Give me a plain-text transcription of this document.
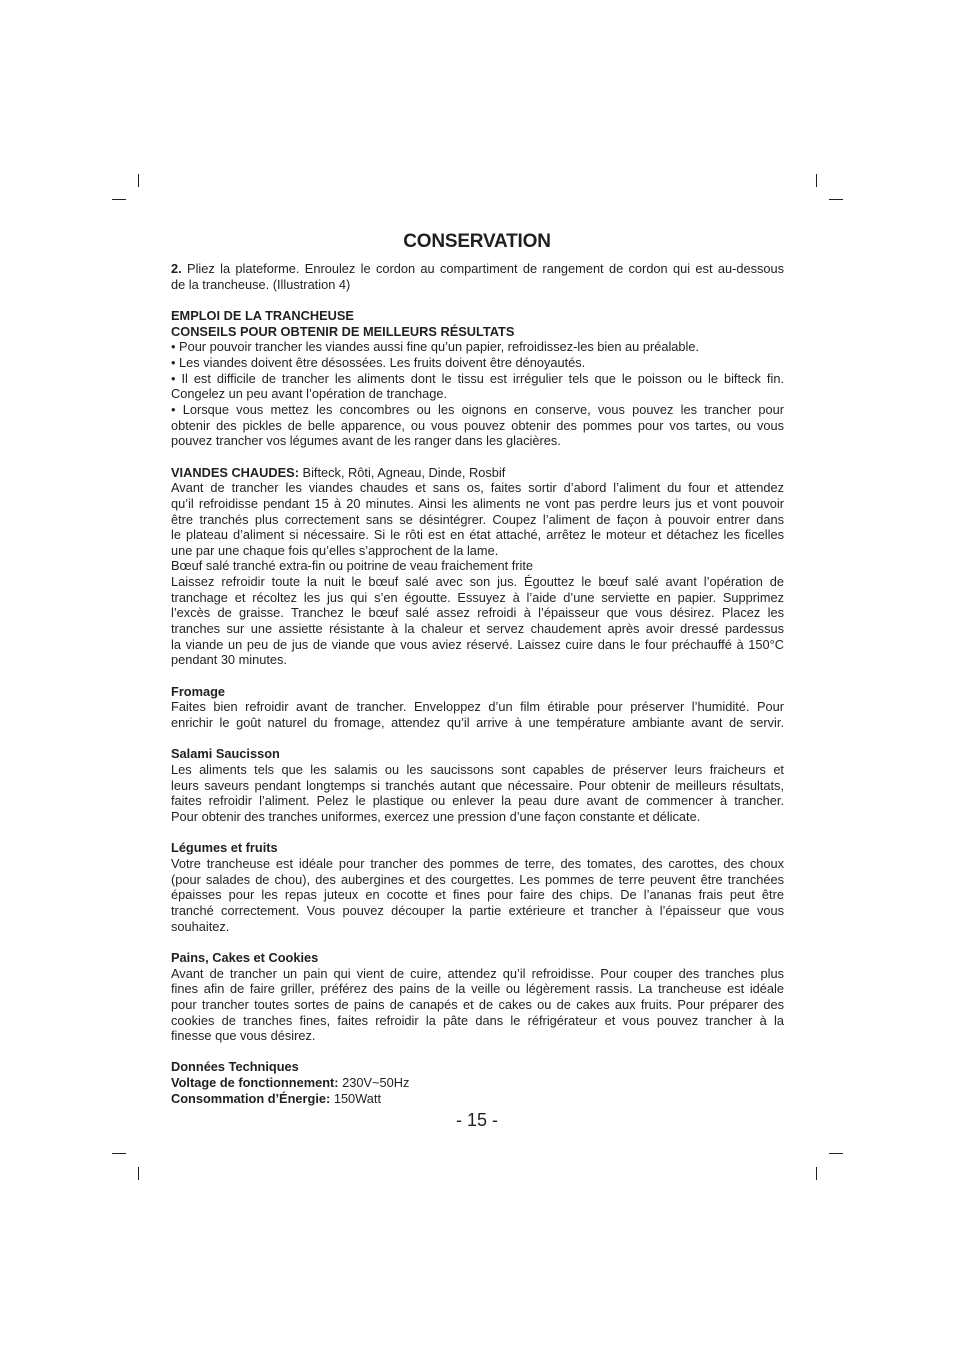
CONSERVATION
2. Pliez la plateforme. Enroulez le cordon au compartiment de rangement de cordon qui est au-dessous
de la trancheuse. (Illustration 4)
EMPLOI DE LA TRANCHEUSE
CONSEILS POUR OBTENIR DE MEILLEURS RÉSULTATS
• Pour pouvoir trancher les viandes aussi fine qu’un papier, refroidissez-les bien au préalable.
• Les viandes doivent être désossées. Les fruits doivent être dénoyautés.
• Il est difficile de trancher les aliments dont le tissu est irrégulier tels que le poisson ou le bifteck fin.
Congelez un peu avant l’opération de tranchage.
• Lorsque vous mettez les concombres ou les oignons en conserve, vous pouvez les trancher pour
obtenir des pickles de belle apparence, ou vous pouvez obtenir des pommes pour vos tartes, ou vous
pouvez trancher vos légumes avant de les ranger dans les glacières.
VIANDES CHAUDES: Bifteck, Rôti, Agneau, Dinde, Rosbif
Avant de trancher les viandes chaudes et sans os, faites sortir d’abord l’aliment du four et attendez
qu’il refroidisse pendant 15 à 20 minutes. Ainsi les aliments ne vont pas perdre leurs jus et vont pouvoir
être tranchés plus correctement sans se désintégrer. Coupez l’aliment de façon à pouvoir entrer dans
le plateau d’aliment si nécessaire. Si le rôti est en état attaché, arrêtez le moteur et détachez les ficelles
une par une chaque fois qu’elles s’approchent de la lame.
Bœuf salé tranché extra-fin ou poitrine de veau fraichement frite
Laissez refroidir toute la nuit le bœuf salé avec son jus. Égouttez le bœuf salé avant l’opération de
tranchage et récoltez les jus qui s’en égoutte. Essuyez à l’aide d’une serviette en papier. Supprimez
l’excès de graisse. Tranchez le bœuf salé assez refroidi à l’épaisseur que vous désirez. Placez les
tranches sur une assiette résistante à la chaleur et servez chaudement après avoir dressé pardessus
la viande un peu de jus de viande que vous aviez réservé. Laissez cuire dans le four préchauffé à 150°C
pendant 30 minutes.
Fromage
Faites bien refroidir avant de trancher. Enveloppez d’un film étirable pour préserver l’humidité. Pour
enrichir le goût naturel du fromage, attendez qu’il arrive à une température ambiante avant de servir.
Salami Saucisson
Les aliments tels que les salamis ou les saucissons sont capables de préserver leurs fraicheurs et
leurs saveurs pendant longtemps si tranchés autant que nécessaire. Pour obtenir de meilleurs résultats,
faites refroidir l’aliment. Pelez le plastique ou enlever la peau dure avant de commencer à trancher.
Pour obtenir des tranches uniformes, exercez une pression d’une façon constante et délicate.
Légumes et fruits
Votre trancheuse est idéale pour trancher des pommes de terre, des tomates, des carottes, des choux
(pour salades de chou), des aubergines et des courgettes. Les pommes de terre peuvent être tranchées
épaisses pour les repas juteux en cocotte et fines pour faire des chips. De l’ananas frais peut être
tranché correctement. Vous pouvez découper la partie extérieure et trancher à l’épaisseur que vous
souhaitez.
Pains, Cakes et Cookies
Avant de trancher un pain qui vient de cuire, attendez qu’il refroidisse. Pour couper des tranches plus
fines afin de faire griller, préférez des pains de la veille ou légèrement rassis. La trancheuse est idéale
pour trancher toutes sortes de pains de canapés et de cakes ou de cakes aux fruits. Pour préparer des
cookies de tranches fines, faites refroidir la pâte dans le réfrigérateur et vous pouvez trancher à la
finesse que vous désirez.
Données Techniques
Voltage de fonctionnement: 230V~50Hz
Consommation d’Énergie: 150Watt
- 15 -
